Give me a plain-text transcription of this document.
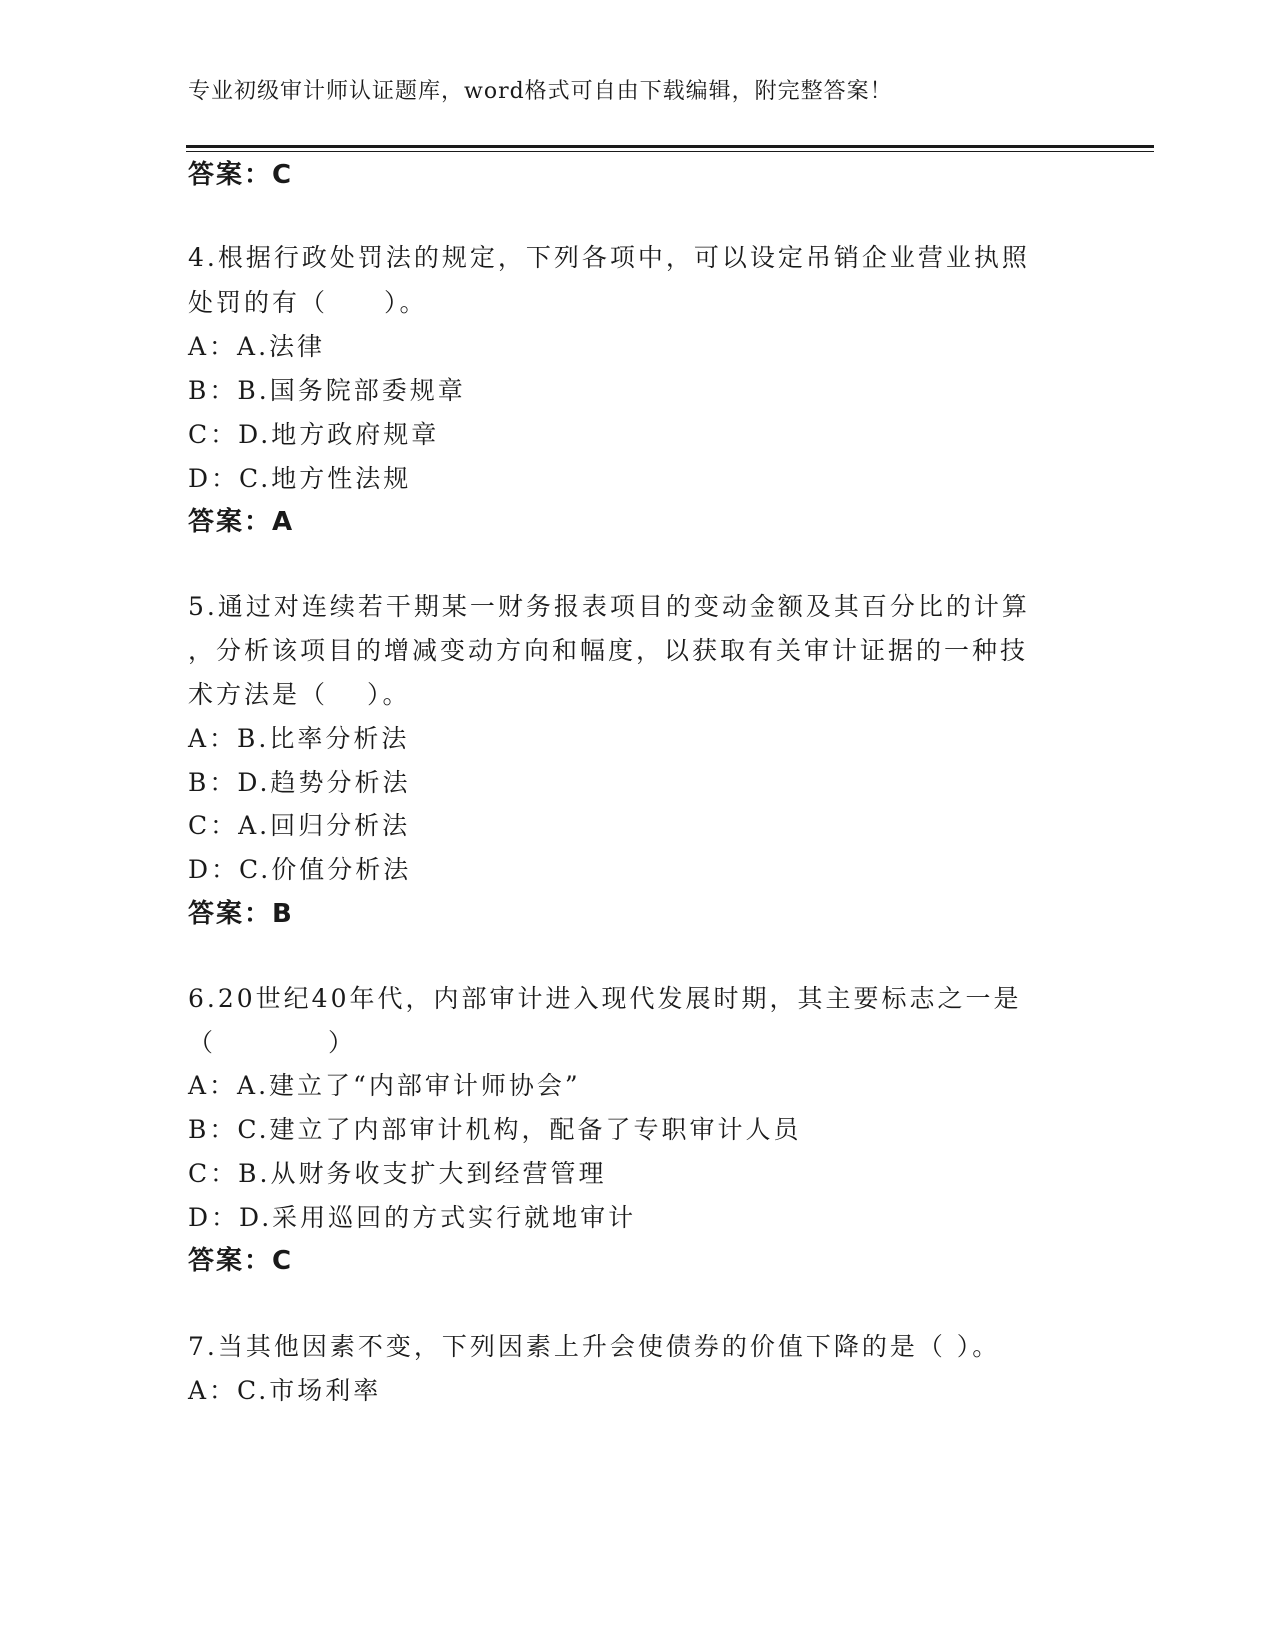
专业初级审计师认证题库，word格式可自由下载编辑，附完整答案！
答案：C
4.根据行政处罚法的规定，下列各项中，可以设定吊销企业营业执照
处罚的有（　　）。
A：A.法律
B：B.国务院部委规章
C：D.地方政府规章
D：C.地方性法规
答案：A
5.通过对连续若干期某一财务报表项目的变动金额及其百分比的计算
，分析该项目的增减变动方向和幅度，以获取有关审计证据的一种技
术方法是（　 ）。
A：B.比率分析法
B：D.趋势分析法
C：A.回归分析法
D：C.价值分析法
答案：B
6.20世纪40年代，内部审计进入现代发展时期，其主要标志之一是
（　　　　）
A：A.建立了“内部审计师协会”
B：C.建立了内部审计机构，配备了专职审计人员
C：B.从财务收支扩大到经营管理
D：D.采用巡回的方式实行就地审计
答案：C
7.当其他因素不变，下列因素上升会使债券的价值下降的是（ ）。
A：C.市场利率
